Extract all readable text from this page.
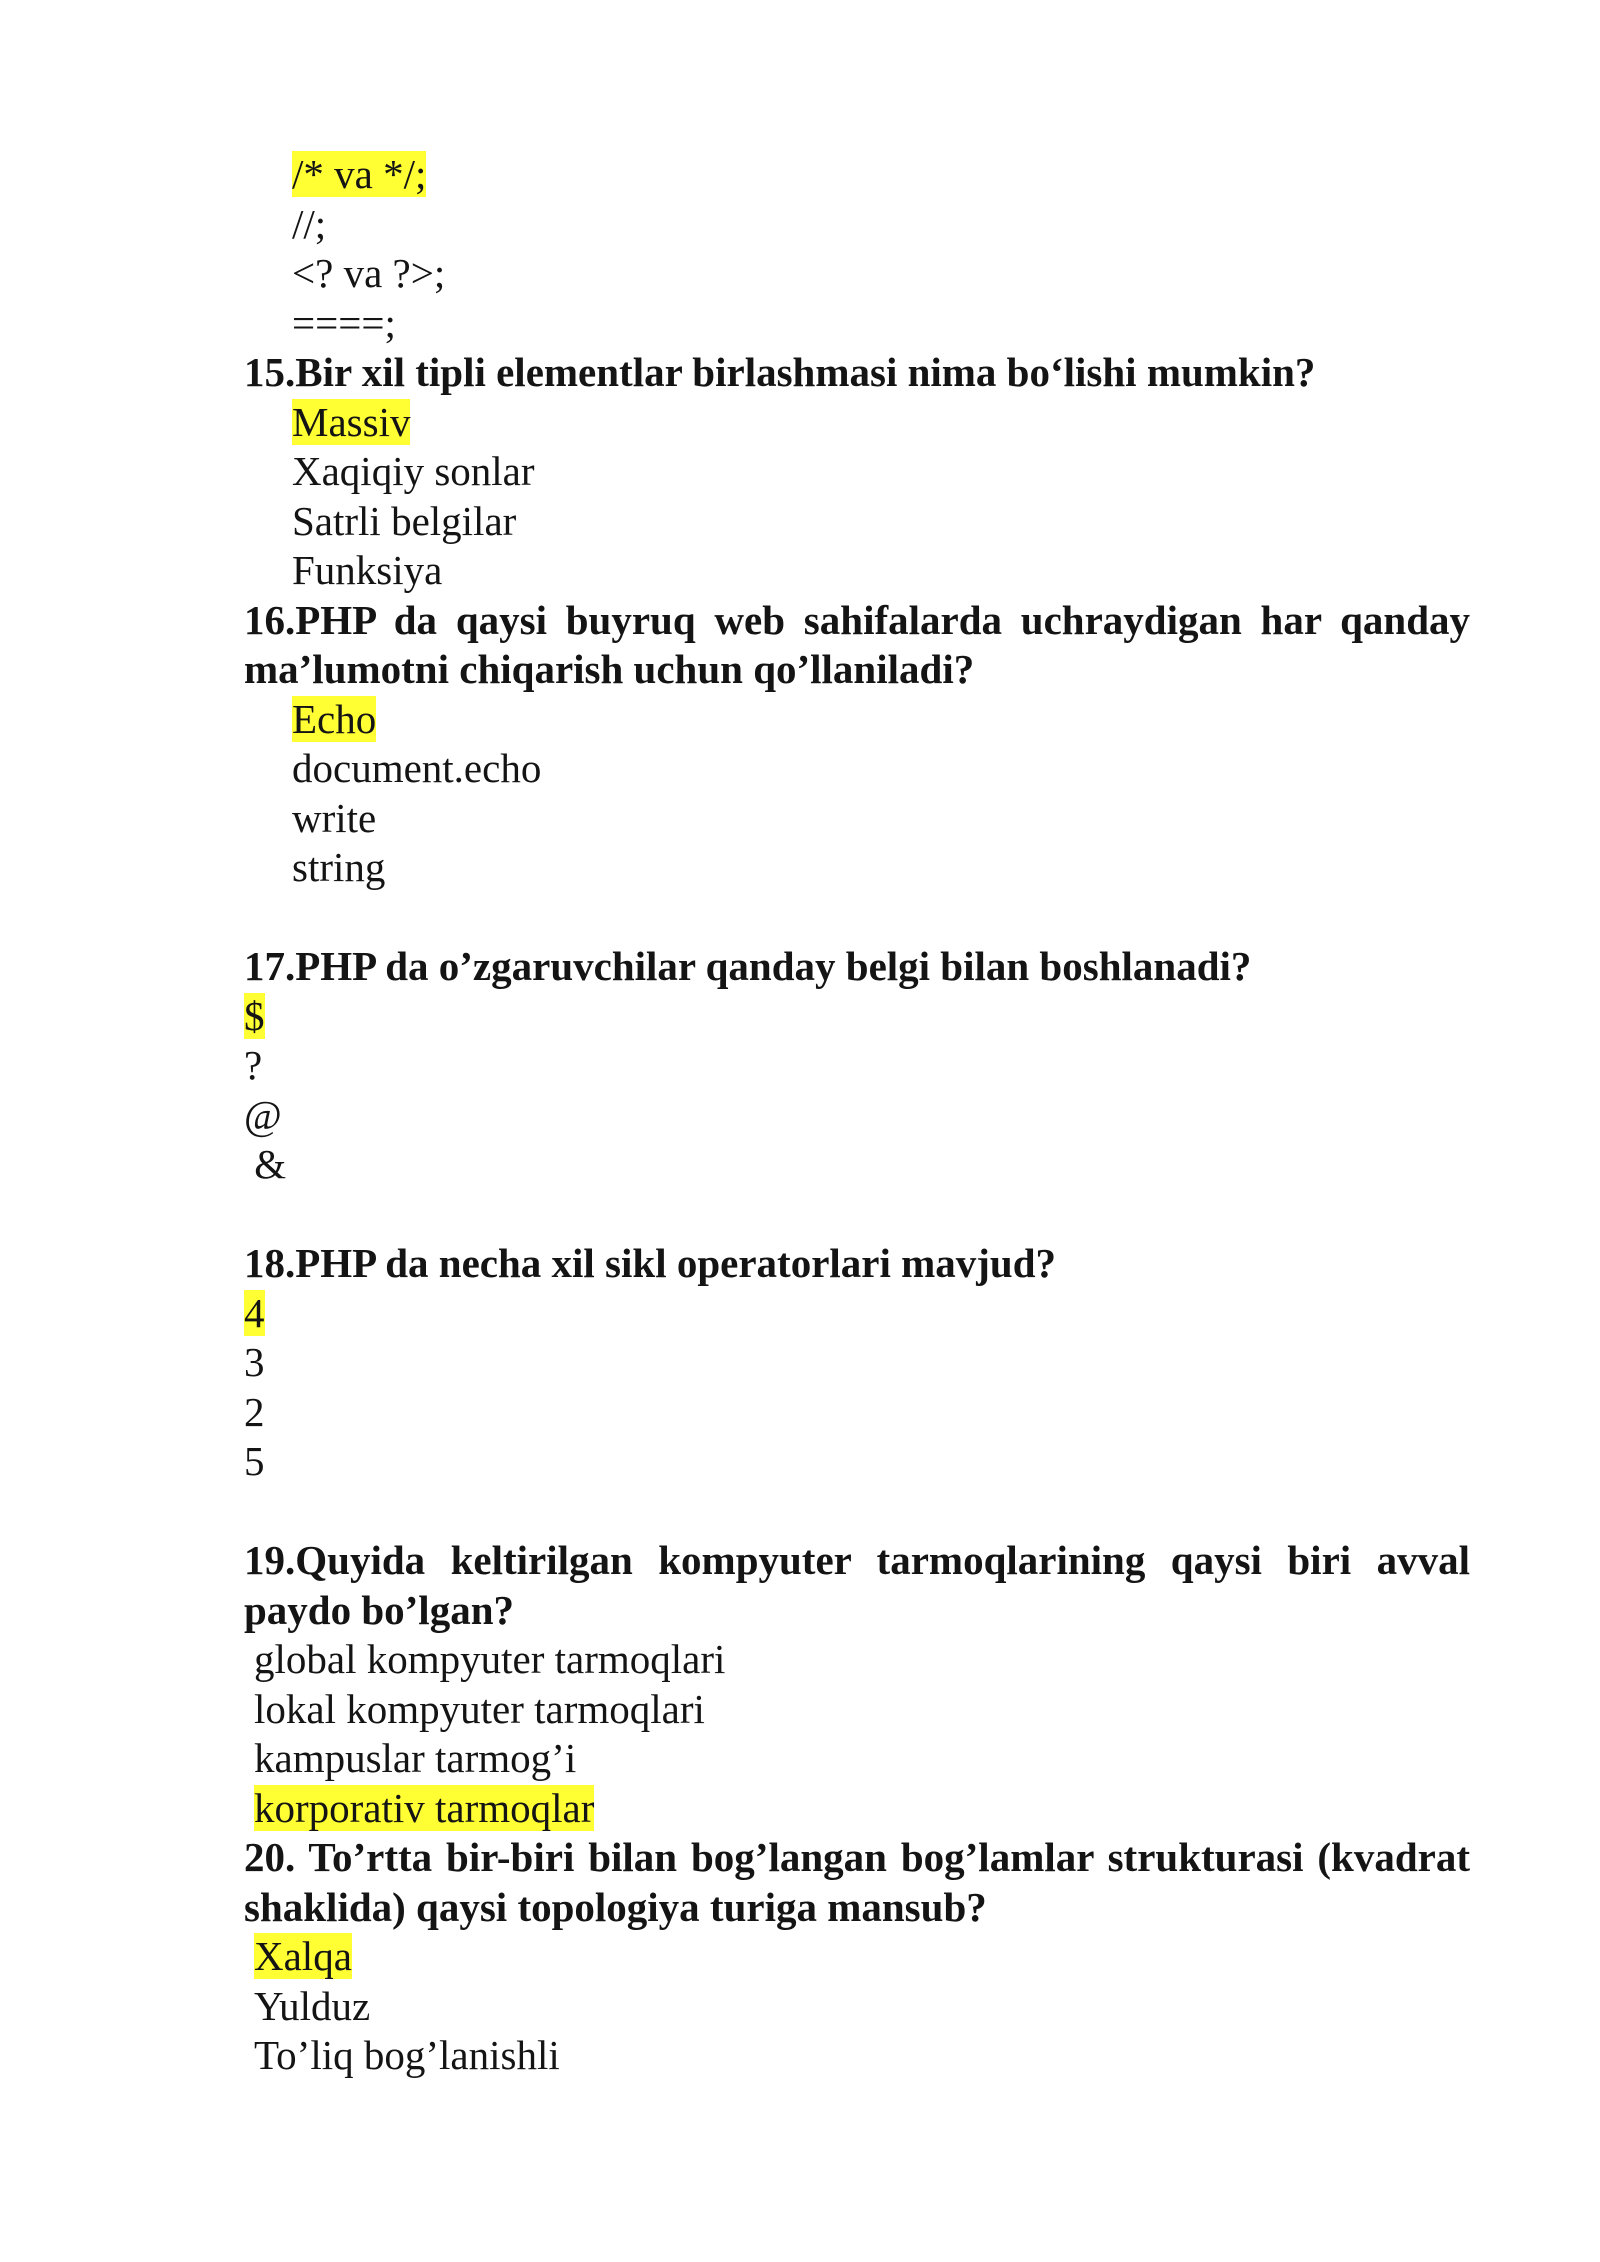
/* va */;
//;
<? va ?>;
====;
15.Bir xil tipli elementlar birlashmasi nima bo‘lishi mumkin?
Massiv
Xaqiqiy sonlar
Satrli belgilar
Funksiya
16.PHP da qaysi buyruq web sahifalarda uchraydigan har qanday ma’lumotni chiqarish uchun qo’llaniladi?
Echo
document.echo
write
string
17.PHP da o’zgaruvchilar qanday belgi bilan boshlanadi?
$
?
@
&
18.PHP da necha xil sikl operatorlari mavjud?
4
3
2
5
19.Quyida keltirilgan kompyuter tarmoqlarining qaysi biri avval paydo bo’lgan?
global kompyuter tarmoqlari
lokal kompyuter tarmoqlari
kampuslar tarmog’i
korporativ tarmoqlar
20. To’rtta bir-biri bilan bog’langan bog’lamlar strukturasi (kvadrat shaklida) qaysi topologiya turiga mansub?
Xalqa
Yulduz
To’liq bog’lanishli
